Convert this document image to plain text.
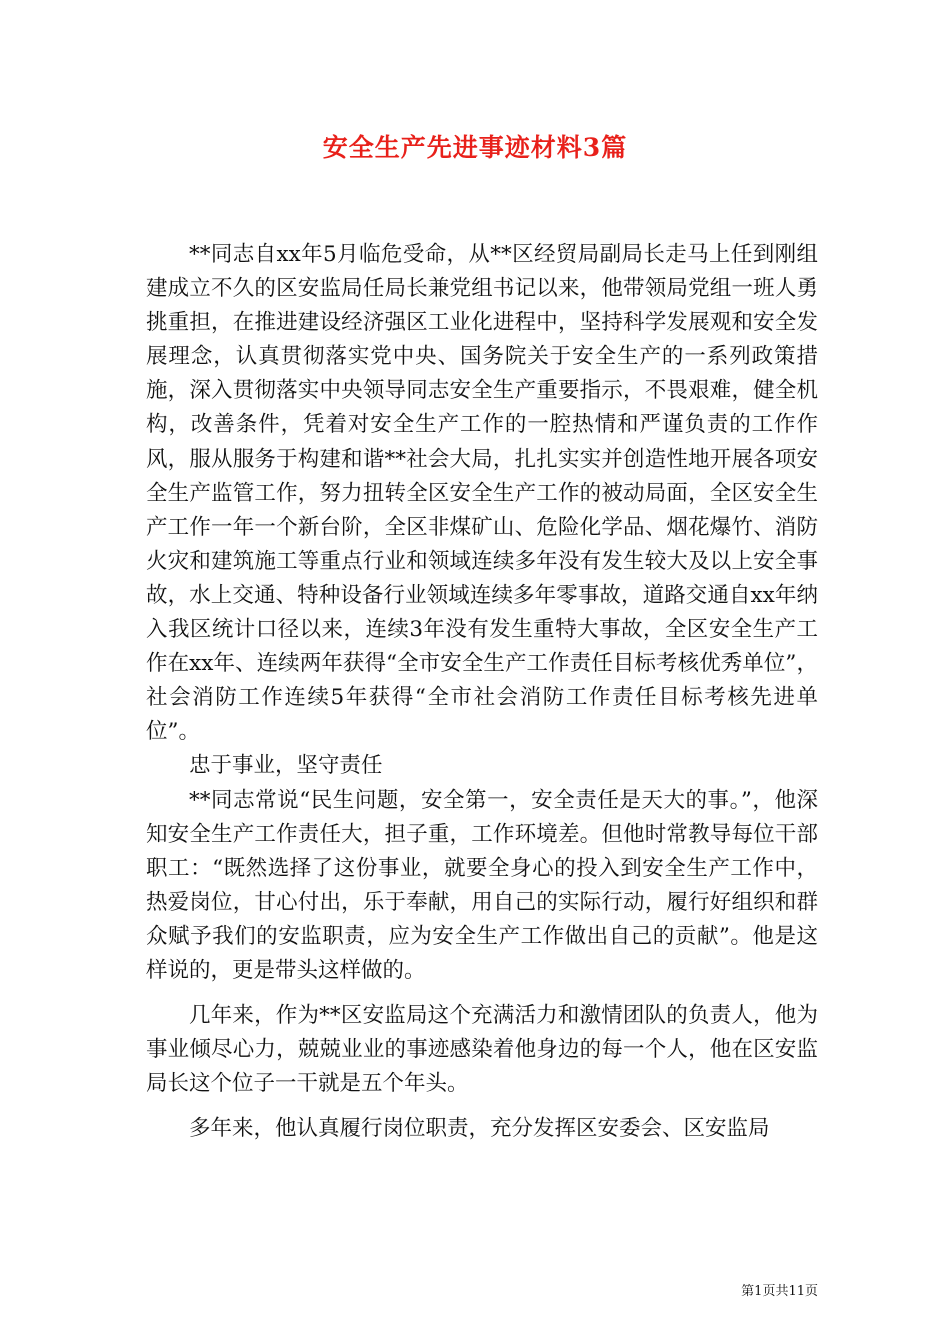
安全生产先进事迹材料3篇

**同志自xx年5月临危受命，从**区经贸局副局长走马上任到刚组建成立不久的区安监局任局长兼党组书记以来，他带领局党组一班人勇挑重担，在推进建设经济强区工业化进程中，坚持科学发展观和安全发展理念，认真贯彻落实党中央、国务院关于安全生产的一系列政策措施，深入贯彻落实中央领导同志安全生产重要指示，不畏艰难，健全机构，改善条件，凭着对安全生产工作的一腔热情和严谨负责的工作作风，服从服务于构建和谐**社会大局，扎扎实实并创造性地开展各项安全生产监管工作，努力扭转全区安全生产工作的被动局面，全区安全生产工作一年一个新台阶，全区非煤矿山、危险化学品、烟花爆竹、消防火灾和建筑施工等重点行业和领域连续多年没有发生较大及以上安全事故，水上交通、特种设备行业领域连续多年零事故，道路交通自xx年纳入我区统计口径以来，连续3年没有发生重特大事故，全区安全生产工作在xx年、连续两年获得“全市安全生产工作责任目标考核优秀单位”，社会消防工作连续5年获得“全市社会消防工作责任目标考核先进单位”。

忠于事业，坚守责任

**同志常说“民生问题，安全第一，安全责任是天大的事。”，他深知安全生产工作责任大，担子重，工作环境差。但他时常教导每位干部职工：“既然选择了这份事业，就要全身心的投入到安全生产工作中，热爱岗位，甘心付出，乐于奉献，用自己的实际行动，履行好组织和群众赋予我们的安监职责，应为安全生产工作做出自己的贡献”。他是这样说的，更是带头这样做的。

几年来，作为**区安监局这个充满活力和激情团队的负责人，他为事业倾尽心力，兢兢业业的事迹感染着他身边的每一个人，他在区安监局长这个位子一干就是五个年头。

多年来，他认真履行岗位职责，充分发挥区安委会、区安监局

第1页共11页
